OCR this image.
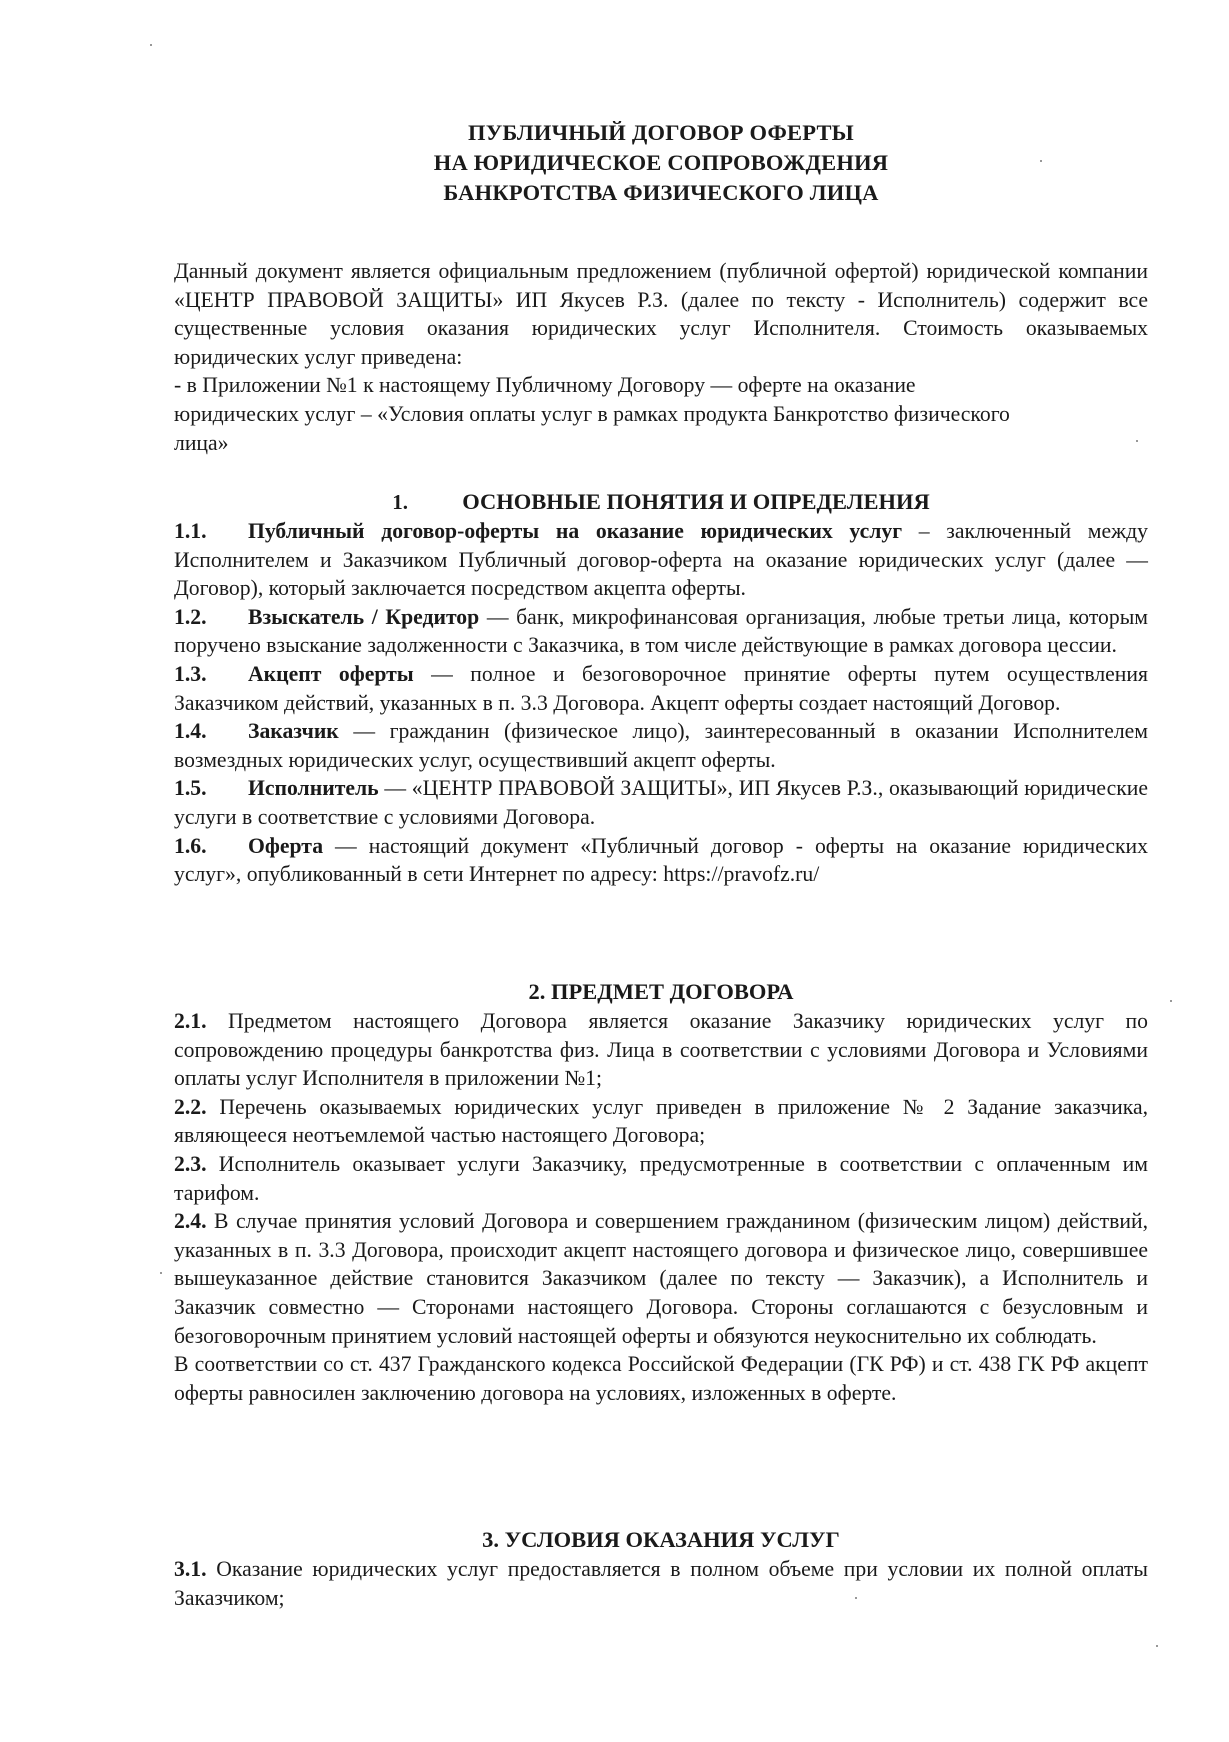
ПУБЛИЧНЫЙ ДОГОВОР ОФЕРТЫ
НА ЮРИДИЧЕСКОЕ СОПРОВОЖДЕНИЯ
БАНКРОТСТВА ФИЗИЧЕСКОГО ЛИЦА

Данный документ является официальным предложением (публичной офертой) юридической компании «ЦЕНТР ПРАВОВОЙ ЗАЩИТЫ» ИП Якусев Р.З. (далее по тексту - Исполнитель) содержит все существенные условия оказания юридических услуг Исполнителя. Стоимость оказываемых юридических услуг приведена:

- в Приложении №1 к настоящему Публичному Договору — оферте на оказание

юридических услуг – «Условия оплаты услуг в рамках продукта Банкротство физического

лица»

1. ОСНОВНЫЕ ПОНЯТИЯ И ОПРЕДЕЛЕНИЯ

1.1. Публичный договор-оферты на оказание юридических услуг – заключенный между Исполнителем и Заказчиком Публичный договор-оферта на оказание юридических услуг (далее — Договор), который заключается посредством акцепта оферты.

1.2. Взыскатель / Кредитор — банк, микрофинансовая организация, любые третьи лица, которым поручено взыскание задолженности с Заказчика, в том числе действующие в рамках договора цессии.

1.3. Акцепт оферты — полное и безоговорочное принятие оферты путем осуществления Заказчиком действий, указанных в п. 3.3 Договора. Акцепт оферты создает настоящий Договор.

1.4. Заказчик — гражданин (физическое лицо), заинтересованный в оказании Исполнителем возмездных юридических услуг, осуществивший акцепт оферты.

1.5. Исполнитель — «ЦЕНТР ПРАВОВОЙ ЗАЩИТЫ», ИП Якусев Р.З., оказывающий юридические услуги в соответствие с условиями Договора.

1.6. Оферта — настоящий документ «Публичный договор - оферты на оказание юридических услуг», опубликованный в сети Интернет по адресу: https://pravofz.ru/

2. ПРЕДМЕТ ДОГОВОРА

2.1. Предметом настоящего Договора является оказание Заказчику юридических услуг по сопровождению процедуры банкротства физ. Лица в соответствии с условиями Договора и Условиями оплаты услуг Исполнителя в приложении №1;

2.2. Перечень оказываемых юридических услуг приведен в приложение № 2 Задание заказчика, являющееся неотъемлемой частью настоящего Договора;

2.3. Исполнитель оказывает услуги Заказчику, предусмотренные в соответствии с оплаченным им тарифом.

2.4. В случае принятия условий Договора и совершением гражданином (физическим лицом) действий, указанных в п. 3.3 Договора, происходит акцепт настоящего договора и физическое лицо, совершившее вышеуказанное действие становится Заказчиком (далее по тексту — Заказчик), а Исполнитель и Заказчик совместно — Сторонами настоящего Договора. Стороны соглашаются с безусловным и безоговорочным принятием условий настоящей оферты и обязуются неукоснительно их соблюдать.

В соответствии со ст. 437 Гражданского кодекса Российской Федерации (ГК РФ) и ст. 438 ГК РФ акцепт оферты равносилен заключению договора на условиях, изложенных в оферте.

3. УСЛОВИЯ ОКАЗАНИЯ УСЛУГ

3.1. Оказание юридических услуг предоставляется в полном объеме при условии их полной оплаты Заказчиком;
